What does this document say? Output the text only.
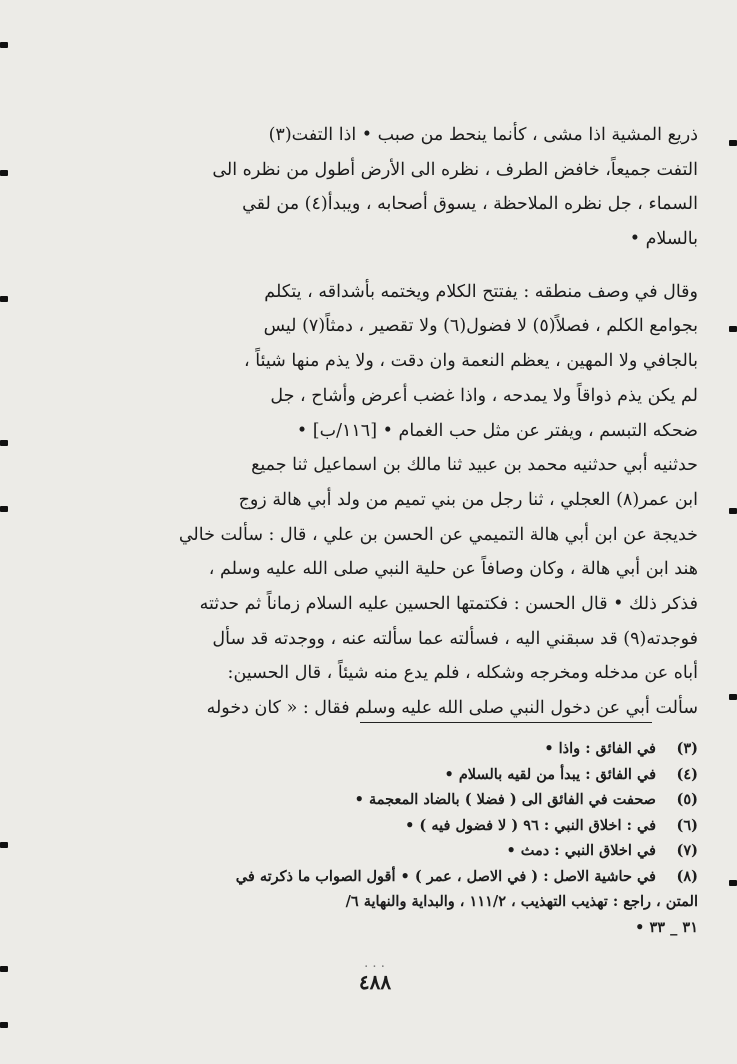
ذريع المشية اذا مشى ، كأنما ينحط من صبب • اذا التفت(٣)
التفت جميعاً، خافض الطرف ، نظره الى الأرض أطول من نظره الى
السماء ، جل نظره الملاحظة ، يسوق أصحابه ، ويبدأ(٤) من لقي
بالسلام •
وقال في وصف منطقه : يفتتح الكلام ويختمه بأشداقه ، يتكلم
بجوامع الكلم ، فصلاً(٥) لا فضول(٦) ولا تقصير ، دمثاً(٧) ليس
بالجافي ولا المهين ، يعظم النعمة وان دقت ، ولا يذم منها شيئاً ،
لم يكن يذم ذواقاً ولا يمدحه ، واذا غضب أعرض وأشاح ، جل
ضحكه التبسم ، ويفتر عن مثل حب الغمام • [١١٦/ب] •
حدثنيه أبي حدثنيه محمد بن عبيد ثنا مالك بن اسماعيل ثنا جميع
ابن عمر(٨) العجلي ، ثنا رجل من بني تميم من ولد أبي هالة زوج
خديجة عن ابن أبي هالة التميمي عن الحسن بن علي ، قال : سألت خالي
هند ابن أبي هالة ، وكان وصافاً عن حلية النبي صلى الله عليه وسلم ،
فذكر ذلك • قال الحسن : فكتمتها الحسين عليه السلام زماناً ثم حدثته
فوجدته(٩) قد سبقني اليه ، فسألته عما سألته عنه ، ووجدته قد سأل
أباه عن مدخله ومخرجه وشكله ، فلم يدع منه شيئاً ، قال الحسين:
سألت أبي عن دخول النبي صلى الله عليه وسلم فقال : « كان دخوله
(٣)في الفائق : واذا •
(٤)في الفائق : يبدأ من لقيه بالسلام •
(٥)صحفت في الفائق الى ( فضلا ) بالضاد المعجمة •
(٦)في : اخلاق النبي : ٩٦ ( لا فضول فيه ) •
(٧)في اخلاق النبي : دمث •
(٨)في حاشية الاصل : ( في الاصل ، عمر ) • أقول الصواب ما ذكرته في
المتن ، راجع : تهذيب التهذيب ، ١١١/٢ ، والبداية والنهاية ٦/
٣١ _ ٣٣ •
. . .
٤٨٨
